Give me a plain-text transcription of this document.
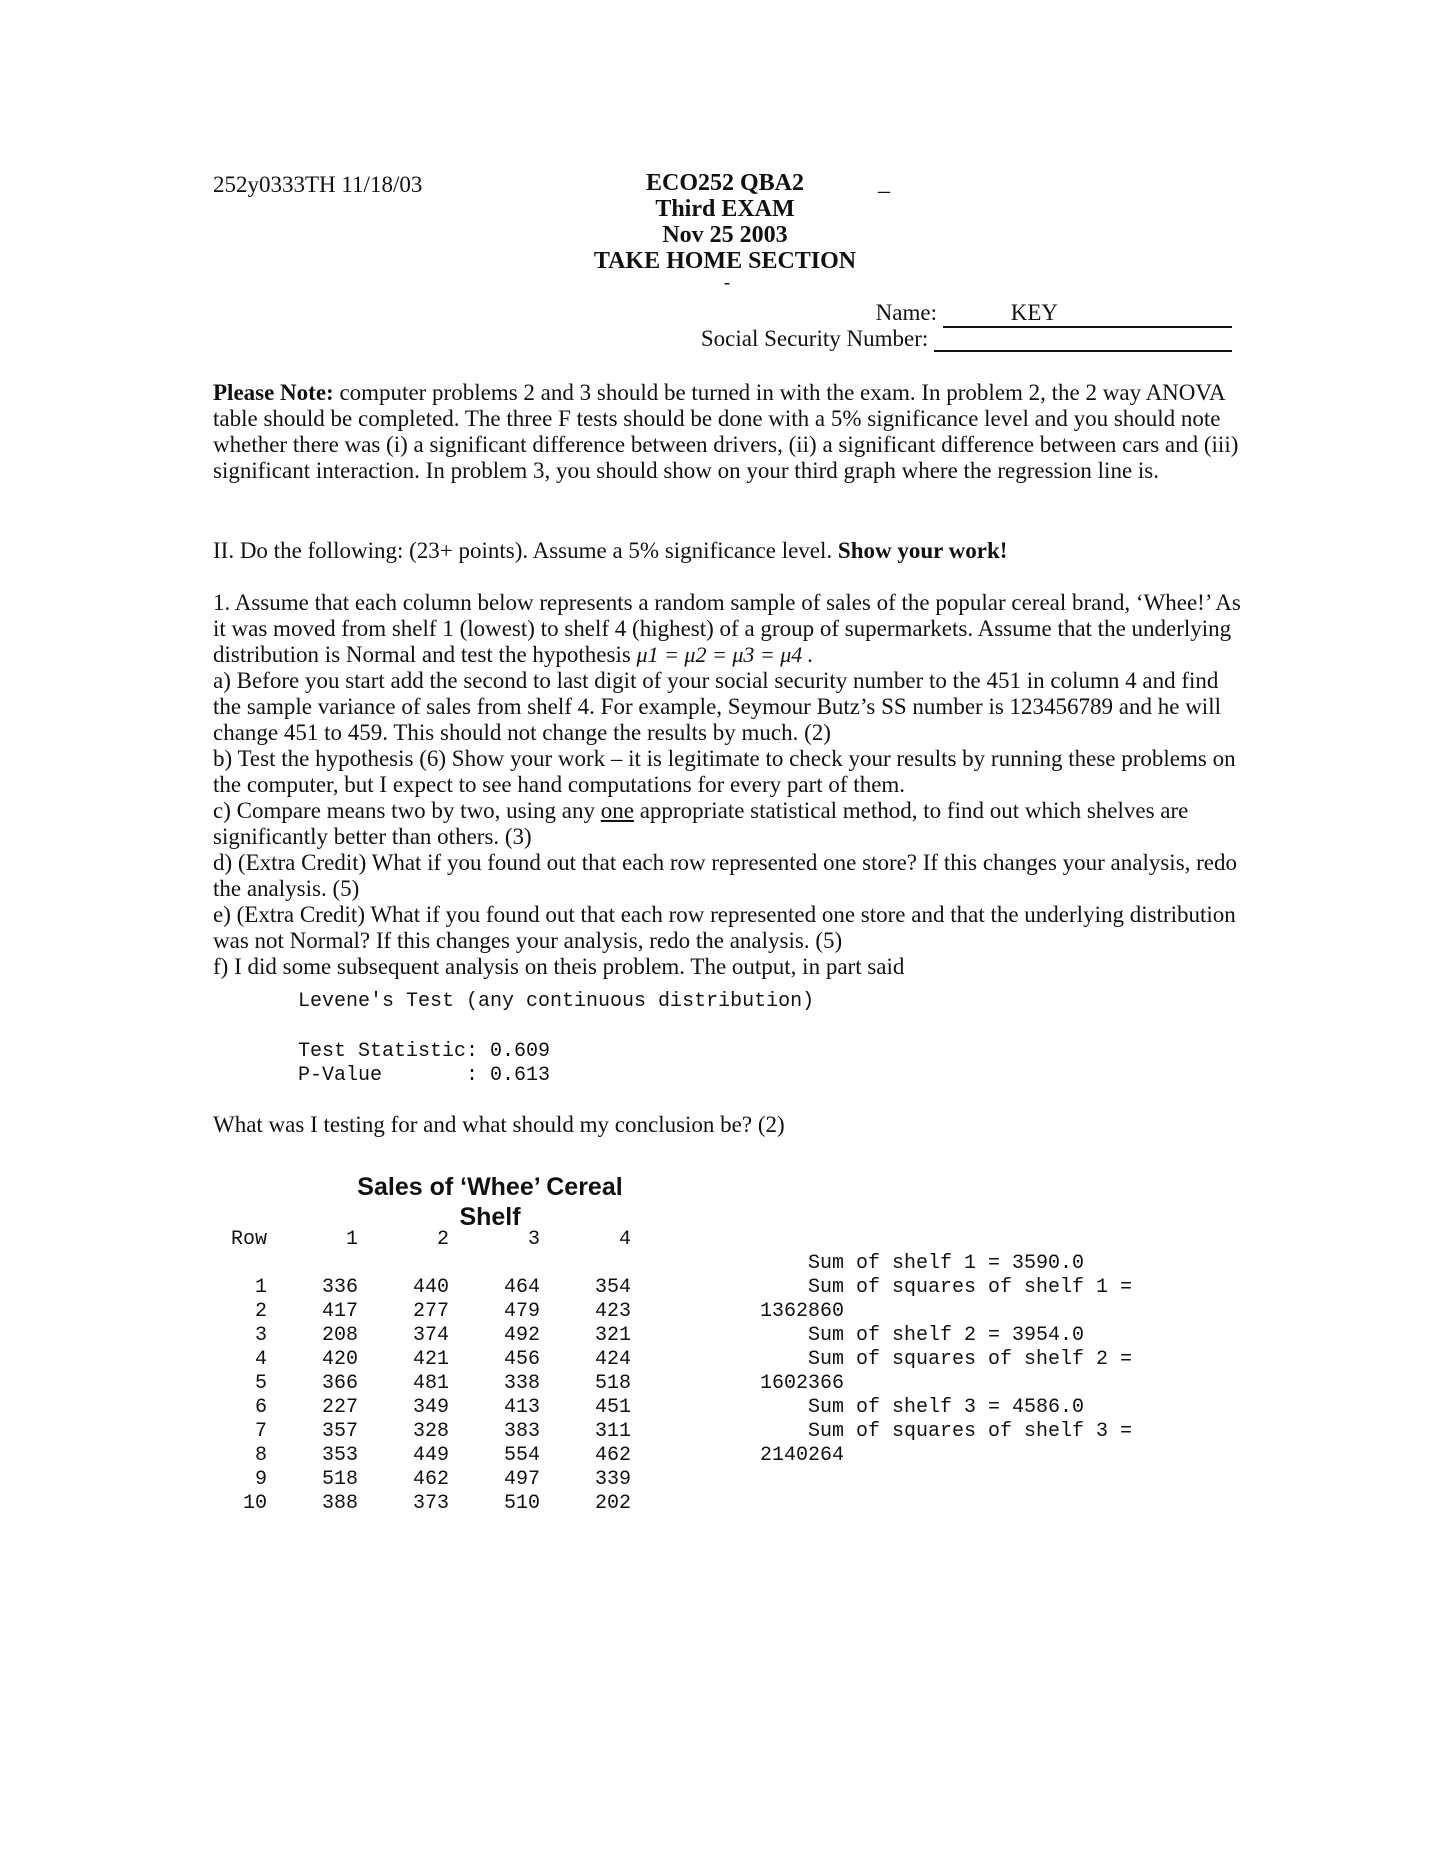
252y0333TH 11/18/03	ECO252 QBA2
Third EXAM
Nov 25 2003
TAKE HOME SECTION
_
-
Name:	KEY
Social Security Number:
Please Note: computer problems 2 and 3 should be turned in with the exam. In problem 2, the 2 way ANOVA table should be completed. The three F tests should be done with a 5% significance level and you should note whether there was (i) a significant difference between drivers, (ii) a significant difference between cars and (iii) significant interaction. In problem 3, you should show on your third graph where the regression line is.
II. Do the following: (23+ points). Assume a 5% significance level. Show your work!
1. Assume that each column below represents a random sample of sales of the popular cereal brand, ‘Whee!’ As it was moved from shelf 1 (lowest) to shelf 4 (highest) of a group of supermarkets. Assume that the underlying distribution is Normal and test the hypothesis μ1 = μ2 = μ3 = μ4 .
a) Before you start add the second to last digit of your social security number to the 451 in column 4 and find the sample variance of sales from shelf 4. For example, Seymour Butz’s SS number is 123456789 and he will change 451 to 459. This should not change the results by much. (2)
b) Test the hypothesis (6) Show your work – it is legitimate to check your results by running these problems on the computer, but I expect to see hand computations for every part of them.
c) Compare means two by two, using any one appropriate statistical method, to find out which shelves are significantly better than others. (3)
d) (Extra Credit) What if you found out that each row represented one store? If this changes your analysis, redo the analysis. (5)
e) (Extra Credit) What if you found out that each row represented one store and that the underlying distribution was not Normal? If this changes your analysis, redo the analysis. (5)
f) I did some subsequent analysis on theis problem. The output, in part said
Levene's Test (any continuous distribution)
Test Statistic: 0.609
P-Value       : 0.613
What was I testing for and what should my conclusion be? (2)
Sales of ‘Whee’ Cereal
Shelf
Row	1	2	3	4
1	336	440	464	354
2	417	277	479	423
3	208	374	492	321
4	420	421	456	424
5	366	481	338	518
6	227	349	413	451
7	357	328	383	311
8	353	449	554	462
9	518	462	497	339
10	388	373	510	202
Sum of shelf 1 = 3590.0
Sum of squares of shelf 1 =
1362860
Sum of shelf 2 = 3954.0
Sum of squares of shelf 2 =
1602366
Sum of shelf 3 = 4586.0
Sum of squares of shelf 3 =
2140264
